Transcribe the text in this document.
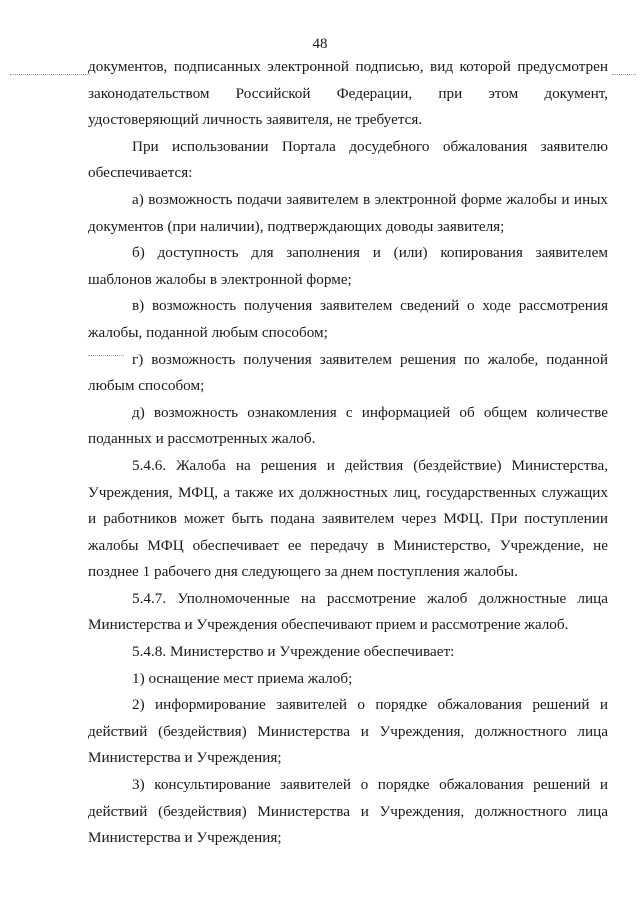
48

документов, подписанных электронной подписью, вид которой предусмотрен законодательством Российской Федерации, при этом документ, удостоверяющий личность заявителя, не требуется.

При использовании Портала досудебного обжалования заявителю обеспечивается:

а) возможность подачи заявителем в электронной форме жалобы и иных документов (при наличии), подтверждающих доводы заявителя;

б) доступность для заполнения и (или) копирования заявителем шаблонов жалобы в электронной форме;

в) возможность получения заявителем сведений о ходе рассмотрения жалобы, поданной любым способом;

г) возможность получения заявителем решения по жалобе, поданной любым способом;

д) возможность ознакомления с информацией об общем количестве поданных и рассмотренных жалоб.

5.4.6. Жалоба на решения и действия (бездействие) Министерства, Учреждения, МФЦ, а также их должностных лиц, государственных служащих и работников может быть подана заявителем через МФЦ. При поступлении жалобы МФЦ обеспечивает ее передачу в Министерство, Учреждение, не позднее 1 рабочего дня следующего за днем поступления жалобы.

5.4.7. Уполномоченные на рассмотрение жалоб должностные лица Министерства и Учреждения обеспечивают прием и рассмотрение жалоб.

5.4.8. Министерство и Учреждение обеспечивает:

1) оснащение мест приема жалоб;

2) информирование заявителей о порядке обжалования решений и действий (бездействия) Министерства и Учреждения, должностного лица Министерства и Учреждения;

3) консультирование заявителей о порядке обжалования решений и действий (бездействия) Министерства и Учреждения, должностного лица Министерства и Учреждения;
